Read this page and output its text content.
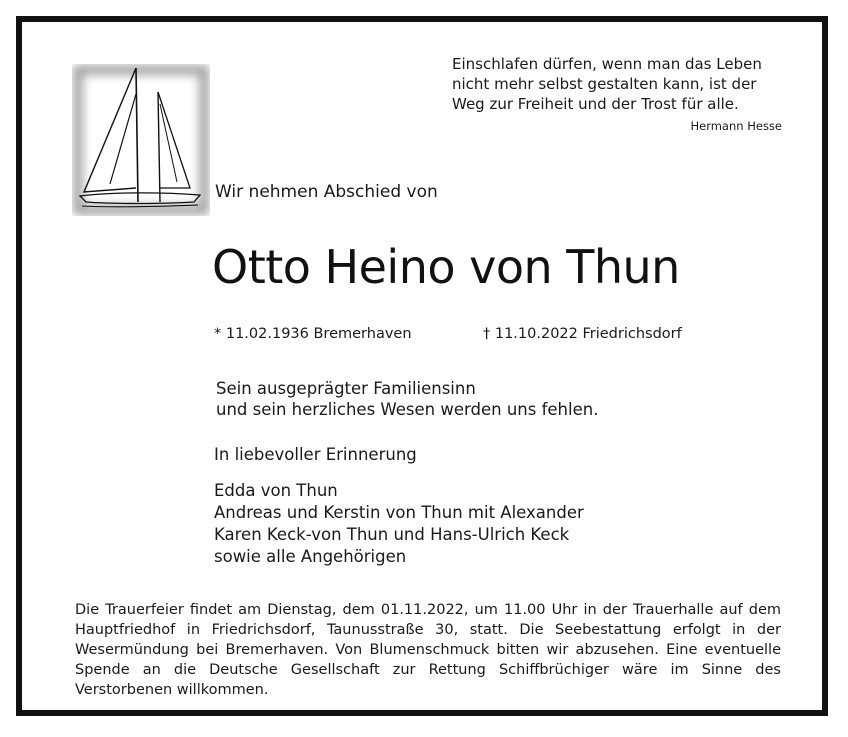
Einschlafen dürfen, wenn man das Leben
nicht mehr selbst gestalten kann, ist der
Weg zur Freiheit und der Trost für alle.
Hermann Hesse
Wir nehmen Abschied von
Otto Heino von Thun
* 11.02.1936 Bremerhaven	† 11.10.2022 Friedrichsdorf
Sein ausgeprägter Familiensinn
und sein herzliches Wesen werden uns fehlen.
In liebevoller Erinnerung
Edda von Thun
Andreas und Kerstin von Thun mit Alexander
Karen Keck-von Thun und Hans-Ulrich Keck
sowie alle Angehörigen
Die Trauerfeier findet am Dienstag, dem 01.11.2022, um 11.00 Uhr in der Trauerhalle auf dem Hauptfriedhof in Friedrichsdorf, Taunusstraße 30, statt. Die Seebestattung erfolgt in der Wesermündung bei Bremerhaven. Von Blumenschmuck bitten wir abzusehen. Eine eventuelle Spende an die Deutsche Gesellschaft zur Rettung Schiffbrüchiger wäre im Sinne des Verstorbenen willkommen.
